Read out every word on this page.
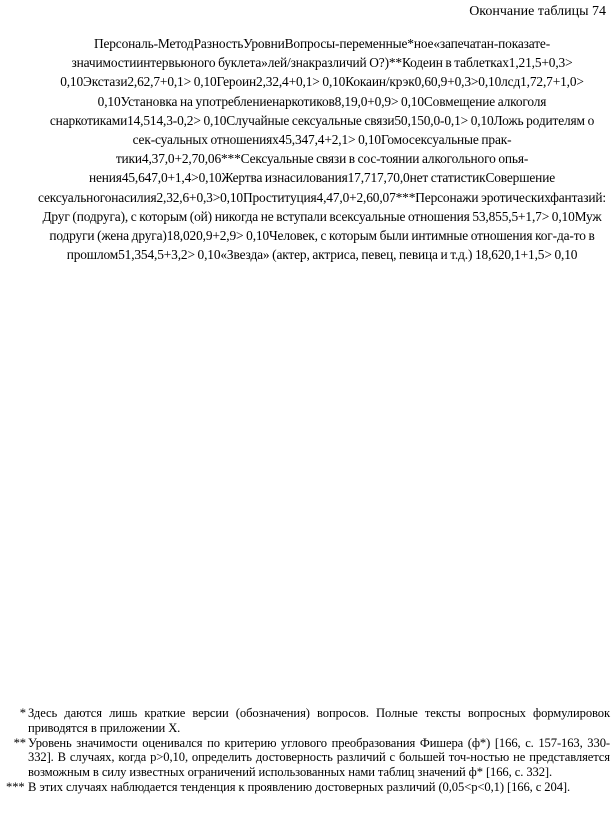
Окончание таблицы 74
Персональ-МетодРазностьУровниВопросы-переменные*ное«запечатан-показате-значимостиинтервьюного буклета»лей/знакразличий О?)**Кодеин в таблетках1,21,5+0,3> 0,10Экстази2,62,7+0,1> 0,10Героин2,32,4+0,1> 0,10Кокаин/крэк0,60,9+0,3>0,10лсд1,72,7+1,0> 0,10Установка на употреблениенаркотиков8,19,0+0,9> 0,10Совмещение алкоголя снаркотиками14,514,3-0,2> 0,10Случайные сексуальные связи50,150,0-0,1> 0,10Ложь родителям о сек-суальных отношениях45,347,4+2,1> 0,10Гомосексуальные прак-тики4,37,0+2,70,06***Сексуальные связи в сос-тоянии алкогольного опья-нения45,647,0+1,4>0,10Жертва изнасилования17,717,70,0нет статистикСовершение сексуальногонасилия2,32,6+0,3>0,10Проституция4,47,0+2,60,07***Персонажи эротическихфантазий: Друг (подруга), с которым (ой) никогда не вступали всексуальные отношения 53,855,5+1,7> 0,10Муж подруги (жена друга)18,020,9+2,9> 0,10Человек, с которым были интимные отношения ког-да-то в прошлом51,354,5+3,2> 0,10«Звезда» (актер, актриса, певец, певица и т.д.) 18,620,1+1,5> 0,10
* Здесь даются лишь краткие версии (обозначения) вопросов. Полные тексты вопросных формулировок приводятся в приложении X.
** Уровень значимости оценивался по критерию углового преобразования Фишера (ф*) [166, с. 157-163, 330-332]. В случаях, когда p>0,10, определить достоверность различий с большей точ-ностью не представляется возможным в силу известных ограничений использованных нами таблиц значений ф* [166, с. 332].
*** В этих случаях наблюдается тенденция к проявлению достоверных различий (0,05<p<0,1) [166, с 204].
